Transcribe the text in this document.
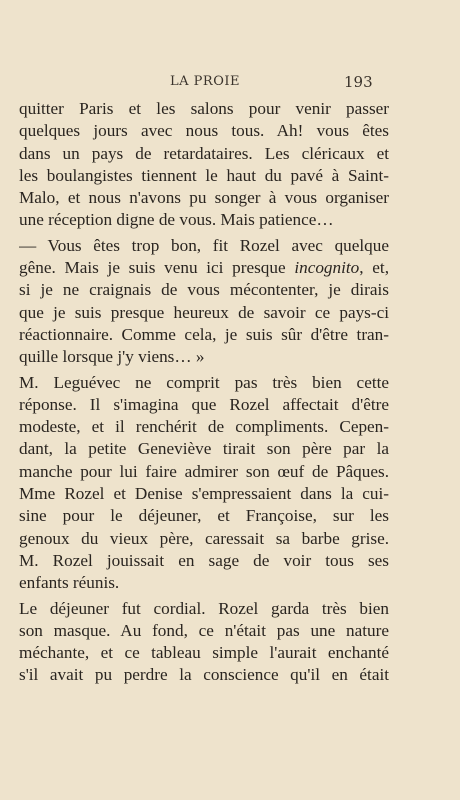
LA PROIE	193
quitter Paris et les salons pour venir passer
quelques jours avec nous tous. Ah! vous êtes
dans un pays de retardataires. Les cléricaux et
les boulangistes tiennent le haut du pavé à Saint-
Malo, et nous n'avons pu songer à vous organiser
une réception digne de vous. Mais patience…
— Vous êtes trop bon, fit Rozel avec quelque
gêne. Mais je suis venu ici presque incognito, et,
si je ne craignais de vous mécontenter, je dirais
que je suis presque heureux de savoir ce pays-ci
réactionnaire. Comme cela, je suis sûr d'être tran-
quille lorsque j'y viens… »
M. Leguévec ne comprit pas très bien cette
réponse. Il s'imagina que Rozel affectait d'être
modeste, et il renchérit de compliments. Cepen-
dant, la petite Geneviève tirait son père par la
manche pour lui faire admirer son œuf de Pâques.
Mme Rozel et Denise s'empressaient dans la cui-
sine pour le déjeuner, et Françoise, sur les
genoux du vieux père, caressait sa barbe grise.
M. Rozel jouissait en sage de voir tous ses
enfants réunis.
Le déjeuner fut cordial. Rozel garda très bien
son masque. Au fond, ce n'était pas une nature
méchante, et ce tableau simple l'aurait enchanté
s'il avait pu perdre la conscience qu'il en était
